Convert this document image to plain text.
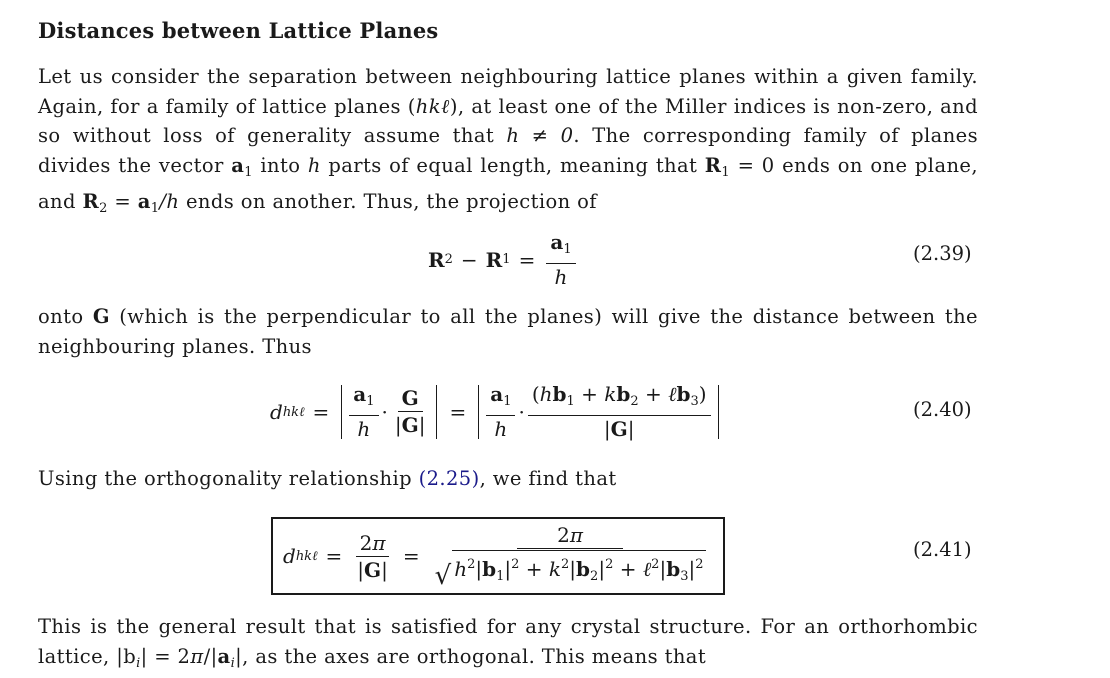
Distances between Lattice Planes

Let us consider the separation between neighbouring lattice planes within a given family. Again, for a family of lattice planes (hkℓ), at least one of the Miller indices is non-zero, and so without loss of generality assume that h ≠ 0. The corresponding family of planes divides the vector $a_1$ into h parts of equal length, meaning that $R_1 = 0$ ends on one plane, and $R_2 = a_1/h$ ends on another. Thus, the projection of

R 2 − R $1 = \frac{a_1}{h}$	(2.39)

onto G (which is the perpendicular to all the planes) will give the distance between the neighbouring planes. Thus

d hkℓ = $\frac{a_1}{h} \cdot \frac{G}{|G|} = \frac{a_1}{h} \cdot \frac{(hb_1 + kb_2 + \ell b_3)}{|G|}$	(2.40)

Using the orthogonality relationship (2.25), we find that

d hkℓ = $\frac{2\pi}{|G|} = \frac{2\pi}{√ h^2|b_1|^2 + k^2|b_2|^2 + \ell^2|b_3|^2}$	(2.41)

This is the general result that is satisfied for any crystal structure. For an orthorhombic lattice, $|b_i| = 2\pi/|a_i|$, as the axes are orthogonal. This means that
